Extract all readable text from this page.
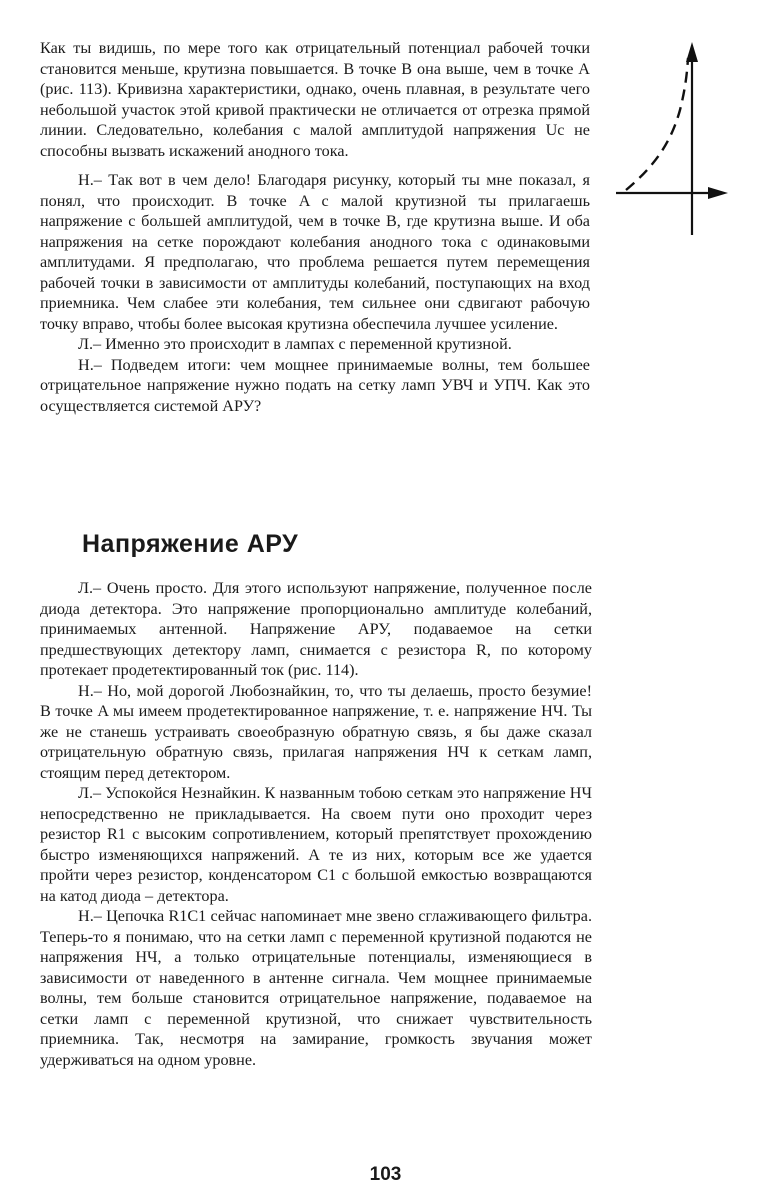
Как ты видишь, по мере того как отрицательный потенциал рабочей точки становится меньше, крутизна повышается. В точке B она выше, чем в точке A (рис. 113). Кривизна характеристики, однако, очень плавная, в результате чего небольшой участок этой кривой практически не отличается от отрезка прямой линии. Следовательно, колебания с малой амплитудой напряжения Uс не способны вызвать искажений анодного тока.

Н.– Так вот в чем дело! Благодаря рисунку, который ты мне показал, я понял, что происходит. В точке A с малой крутизной ты прилагаешь напряжение с большей амплитудой, чем в точке B, где крутизна выше. И оба напряжения на сетке порождают колебания анодного тока с одинаковыми амплитудами. Я предполагаю, что проблема решается путем перемещения рабочей точки в зависимости от амплитуды колебаний, поступающих на вход приемника. Чем слабее эти колебания, тем сильнее они сдвигают рабочую точку вправо, чтобы более высокая крутизна обеспечила лучшее усиление.

Л.– Именно это происходит в лампах с переменной крутизной.

Н.– Подведем итоги: чем мощнее принимаемые волны, тем большее отрицательное напряжение нужно подать на сетку ламп УВЧ и УПЧ. Как это осуществляется системой АРУ?

Напряжение АРУ

Л.– Очень просто. Для этого используют напряжение, полученное после диода детектора. Это напряжение пропорционально амплитуде колебаний, принимаемых антенной. Напряжение АРУ, подаваемое на сетки предшествующих детектору ламп, снимается с резистора R, по которому протекает продетектированный ток (рис. 114).

Н.– Но, мой дорогой Любознайкин, то, что ты делаешь, просто безумие! В точке A мы имеем продетектированное напряжение, т. е. напряжение НЧ. Ты же не станешь устраивать своеобразную обратную связь, я бы даже сказал отрицательную обратную связь, прилагая напряжения НЧ к сеткам ламп, стоящим перед детектором.

Л.– Успокойся Незнайкин. К названным тобою сеткам это напряжение НЧ непосредственно не прикладывается. На своем пути оно проходит через резистор R1 с высоким сопротивлением, который препятствует прохождению быстро изменяющихся напряжений. А те из них, которым все же удается пройти через резистор, конденсатором C1 с большой емкостью возвращаются на катод диода – детектора.

Н.– Цепочка R1C1 сейчас напоминает мне звено сглаживающего фильтра. Теперь-то я понимаю, что на сетки ламп с переменной крутизной подаются не напряжения НЧ, а только отрицательные потенциалы, изменяющиеся в зависимости от наведенного в антенне сигнала. Чем мощнее принимаемые волны, тем больше становится отрицательное напряжение, подаваемое на сетки ламп с переменной крутизной, что снижает чувствительность приемника. Так, несмотря на замирание, громкость звучания может удерживаться на одном уровне.

103
